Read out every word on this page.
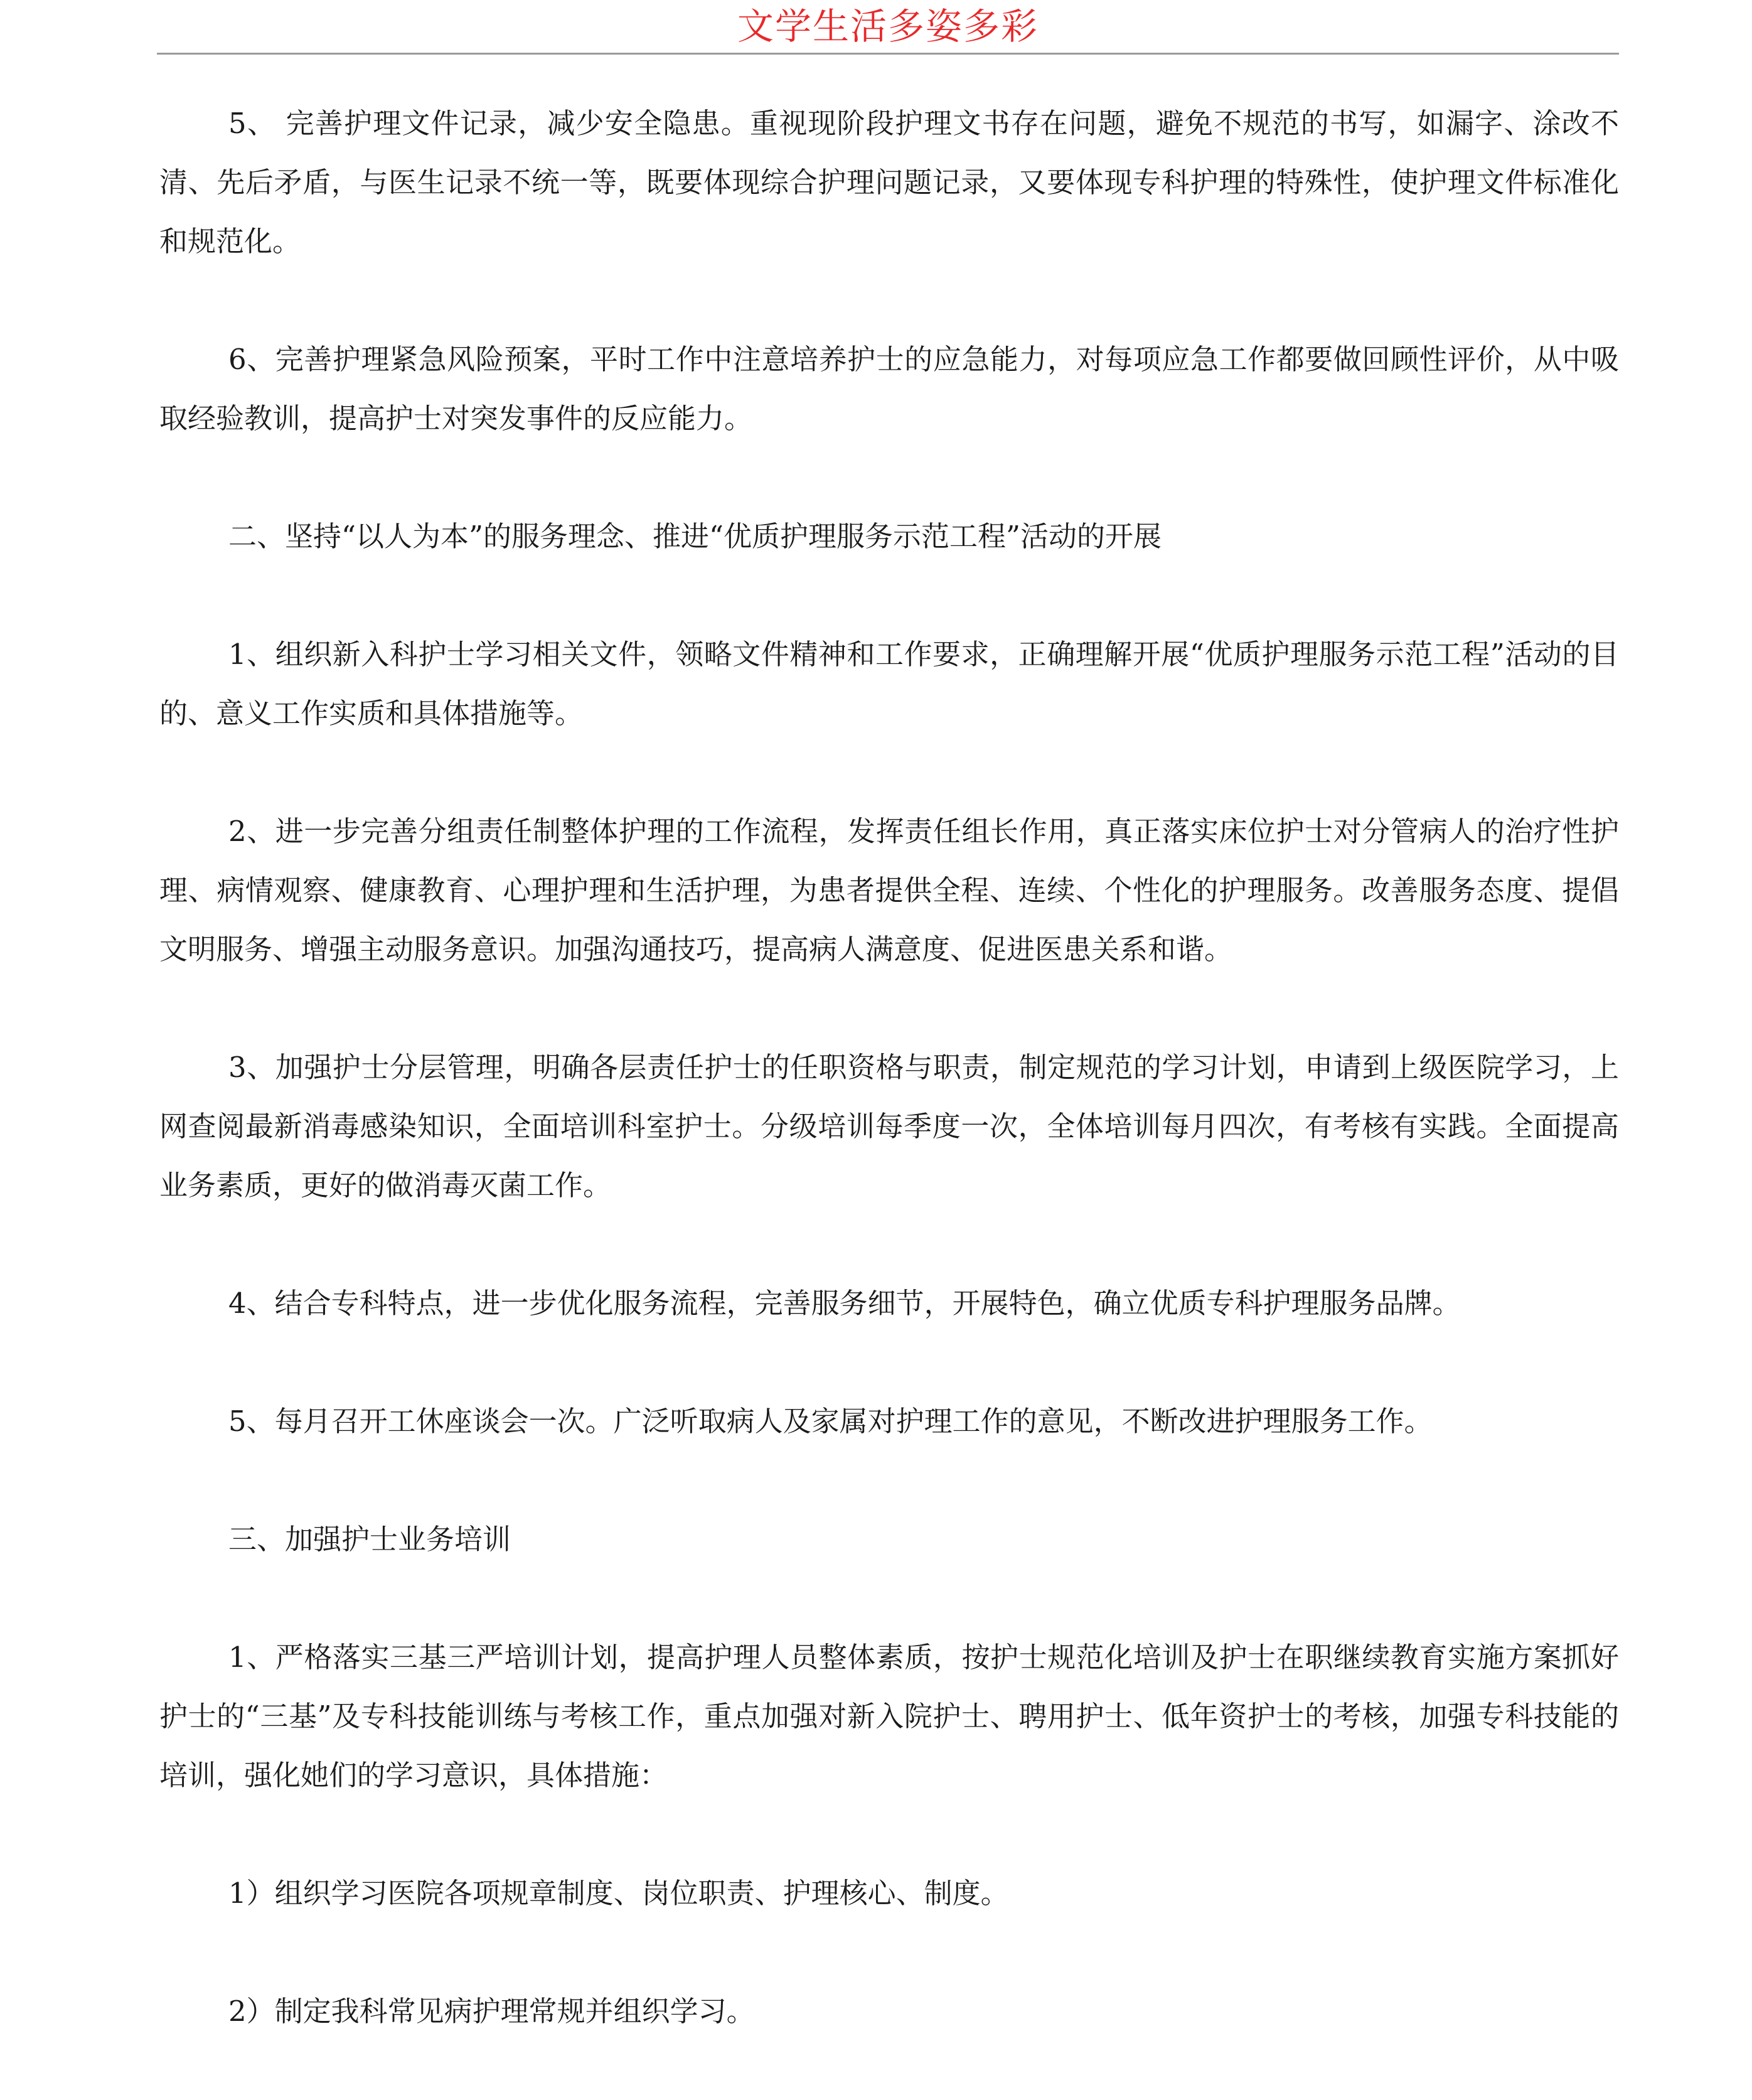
文学生活多姿多彩

5、 完善护理文件记录，减少安全隐患。重视现阶段护理文书存在问题，避免不规范的书写，如漏字、涂改不清、先后矛盾，与医生记录不统一等，既要体现综合护理问题记录，又要体现专科护理的特殊性，使护理文件标准化和规范化。

6、完善护理紧急风险预案，平时工作中注意培养护士的应急能力，对每项应急工作都要做回顾性评价，从中吸取经验教训，提高护士对突发事件的反应能力。

二、坚持“以人为本”的服务理念、推进“优质护理服务示范工程”活动的开展

1、组织新入科护士学习相关文件，领略文件精神和工作要求，正确理解开展“优质护理服务示范工程”活动的目的、意义工作实质和具体措施等。

2、进一步完善分组责任制整体护理的工作流程，发挥责任组长作用，真正落实床位护士对分管病人的治疗性护理、病情观察、健康教育、心理护理和生活护理，为患者提供全程、连续、个性化的护理服务。改善服务态度、提倡文明服务、增强主动服务意识。加强沟通技巧，提高病人满意度、促进医患关系和谐。

3、加强护士分层管理，明确各层责任护士的任职资格与职责，制定规范的学习计划，申请到上级医院学习，上网查阅最新消毒感染知识，全面培训科室护士。分级培训每季度一次，全体培训每月四次，有考核有实践。全面提高业务素质，更好的做消毒灭菌工作。

4、结合专科特点，进一步优化服务流程，完善服务细节，开展特色，确立优质专科护理服务品牌。

5、每月召开工休座谈会一次。广泛听取病人及家属对护理工作的意见，不断改进护理服务工作。

三、加强护士业务培训

1、严格落实三基三严培训计划，提高护理人员整体素质，按护士规范化培训及护士在职继续教育实施方案抓好护士的“三基”及专科技能训练与考核工作，重点加强对新入院护士、聘用护士、低年资护士的考核，加强专科技能的培训，强化她们的学习意识，具体措施：

1）组织学习医院各项规章制度、岗位职责、护理核心、制度。

2）制定我科常见病护理常规并组织学习。
